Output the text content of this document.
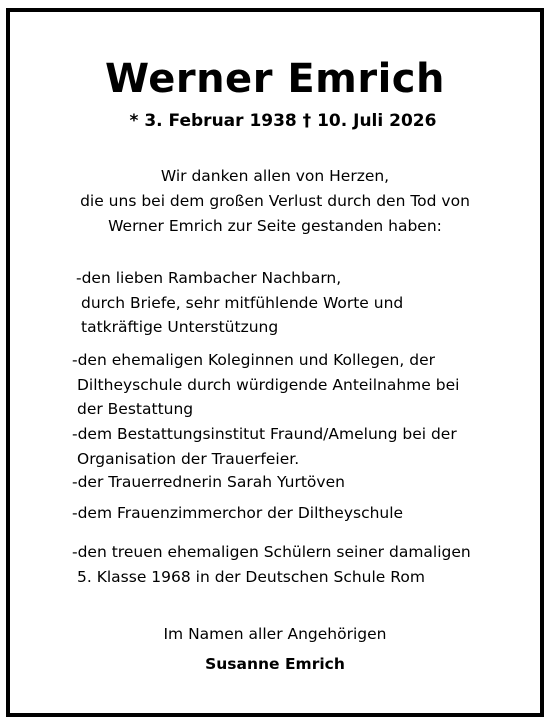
Werner Emrich

* 3. Februar 1938 † 10. Juli 2026

Wir danken allen von Herzen,
die uns bei dem großen Verlust durch den Tod von
Werner Emrich zur Seite gestanden haben:

-den lieben Rambacher Nachbarn,
durch Briefe, sehr mitfühlende Worte und
tatkräftige Unterstützung
-den ehemaligen Koleginnen und Kollegen, der
Diltheyschule durch würdigende Anteilnahme bei
der Bestattung
-dem Bestattungsinstitut Fraund/Amelung bei der
Organisation der Trauerfeier.
-der Trauerrednerin Sarah Yurtöven
-dem Frauenzimmerchor der Diltheyschule
-den treuen ehemaligen Schülern seiner damaligen
5. Klasse 1968 in der Deutschen Schule Rom

Im Namen aller Angehörigen

Susanne Emrich
